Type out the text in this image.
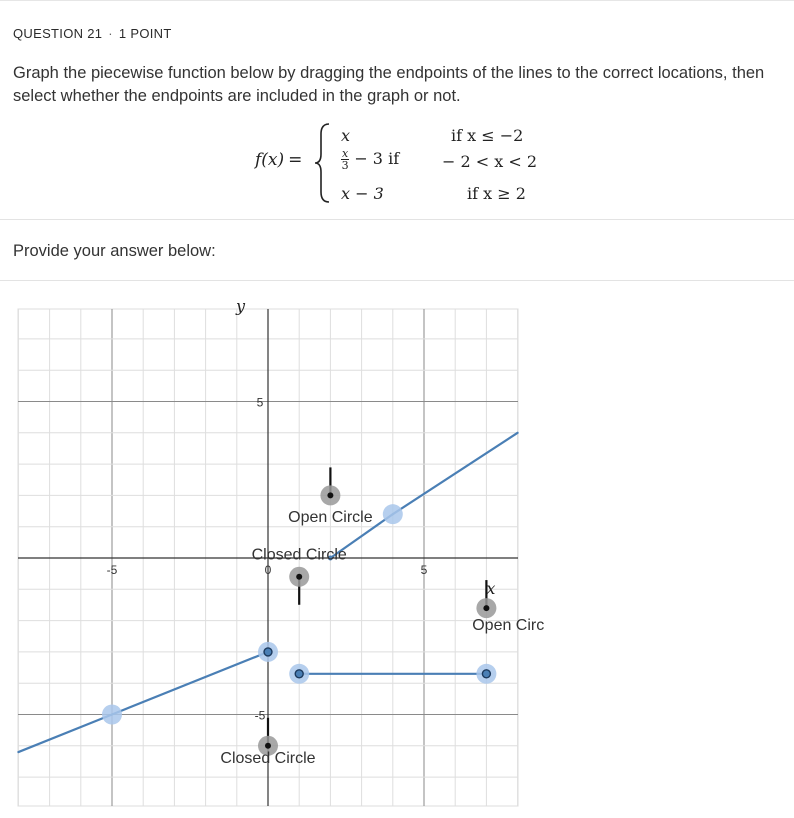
QUESTION 21 · 1 POINT
Graph the piecewise function below by dragging the endpoints of the lines to the correct locations, then select whether the endpoints are included in the graph or not.
f(x) =
x	if x ≤ −2
$\frac{x}{3} - 3$ if	− 2 < x < 2
x − 3	if x ≥ 2
Provide your answer below:
x
y
-5	5
5
-5
0
Open Circle
Closed Circle
Open Circ
Closed Circle
